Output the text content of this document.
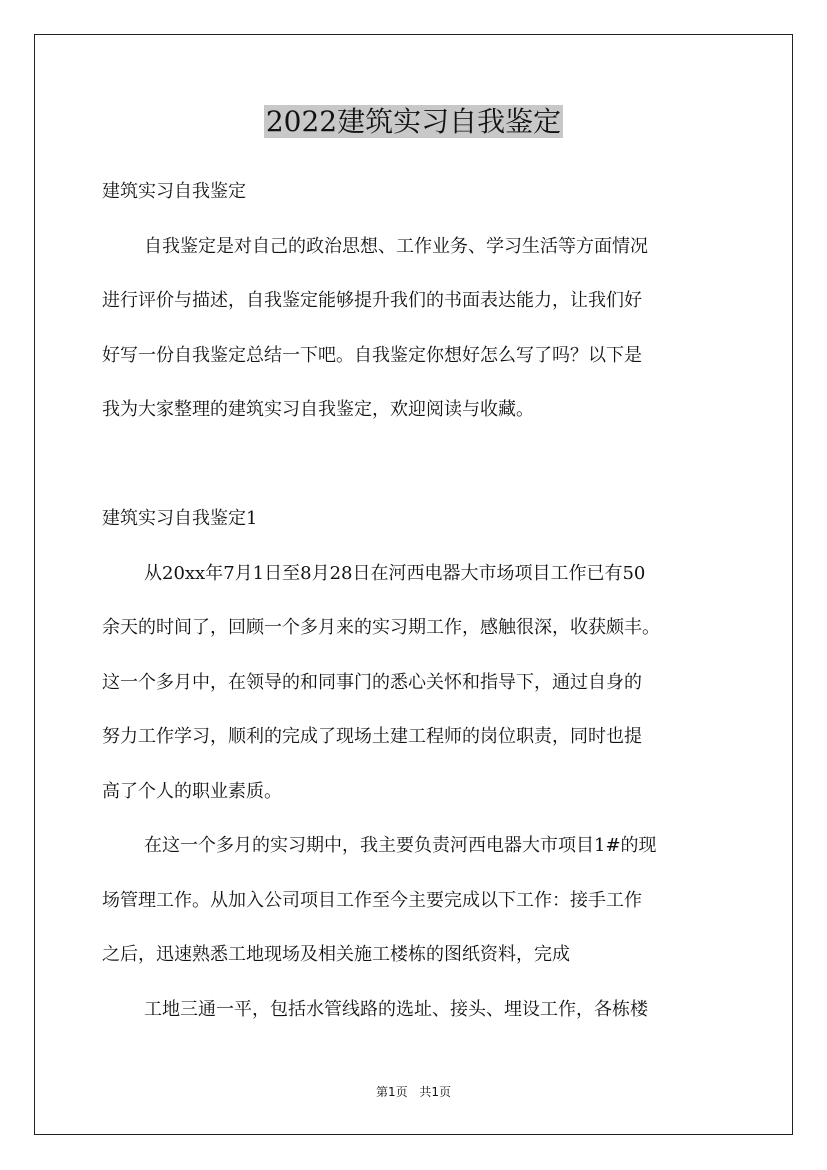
2022建筑实习自我鉴定
建筑实习自我鉴定
自我鉴定是对自己的政治思想、工作业务、学习生活等方面情况
进行评价与描述，自我鉴定能够提升我们的书面表达能力，让我们好
好写一份自我鉴定总结一下吧。自我鉴定你想好怎么写了吗？以下是
我为大家整理的建筑实习自我鉴定，欢迎阅读与收藏。
建筑实习自我鉴定1
从20xx年7月1日至8月28日在河西电器大市场项目工作已有50
余天的时间了，回顾一个多月来的实习期工作，感触很深，收获颇丰。
这一个多月中，在领导的和同事门的悉心关怀和指导下，通过自身的
努力工作学习，顺利的完成了现场土建工程师的岗位职责，同时也提
高了个人的职业素质。
在这一个多月的实习期中，我主要负责河西电器大市项目1#的现
场管理工作。从加入公司项目工作至今主要完成以下工作：接手工作
之后，迅速熟悉工地现场及相关施工楼栋的图纸资料，完成
工地三通一平，包括水管线路的选址、接头、埋设工作，各栋楼
第1页 共1页
